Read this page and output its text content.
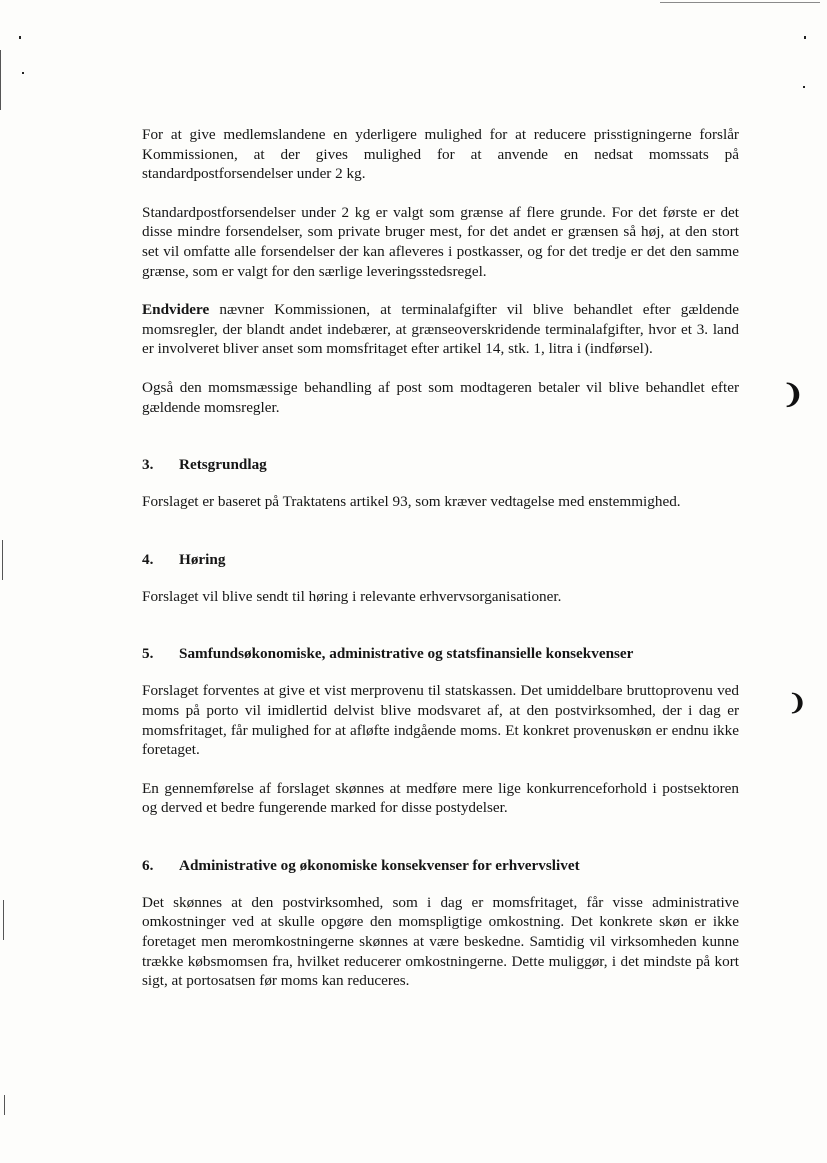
❩
❩

For at give medlemslandene en yderligere mulighed for at reducere prisstigningerne forslår Kommissionen, at der gives mulighed for at anvende en nedsat momssats på standardpostforsendelser under 2 kg.

Standardpostforsendelser under 2 kg er valgt som grænse af flere grunde. For det første er det disse mindre forsendelser, som private bruger mest, for det andet er grænsen så høj, at den stort set vil omfatte alle forsendelser der kan afleveres i postkasser, og for det tredje er det den samme grænse, som er valgt for den særlige leveringsstedsregel.

Endvidere nævner Kommissionen, at terminalafgifter vil blive behandlet efter gældende momsregler, der blandt andet indebærer, at grænseoverskridende terminalafgifter, hvor et 3. land er involveret bliver anset som momsfritaget efter artikel 14, stk. 1, litra i (indførsel).

Også den momsmæssige behandling af post som modtageren betaler vil blive behandlet efter gældende momsregler.

3.	Retsgrundlag

Forslaget er baseret på Traktatens artikel 93, som kræver vedtagelse med enstemmighed.

4.	Høring

Forslaget vil blive sendt til høring i relevante erhvervsorganisationer.

5.	Samfundsøkonomiske, administrative og statsfinansielle konsekvenser

Forslaget forventes at give et vist merprovenu til statskassen. Det umiddelbare bruttoprovenu ved moms på porto vil imidlertid delvist blive modsvaret af, at den postvirksomhed, der i dag er momsfritaget, får mulighed for at afløfte indgående moms. Et konkret provenuskøn er endnu ikke foretaget.

En gennemførelse af forslaget skønnes at medføre mere lige konkurrenceforhold i postsektoren og derved et bedre fungerende marked for disse postydelser.

6.	Administrative og økonomiske konsekvenser for erhvervslivet

Det skønnes at den postvirksomhed, som i dag er momsfritaget, får visse administrative omkostninger ved at skulle opgøre den momspligtige omkostning. Det konkrete skøn er ikke foretaget men meromkostningerne skønnes at være beskedne. Samtidig vil virksomheden kunne trække købsmomsen fra, hvilket reducerer omkostningerne. Dette muliggør, i det mindste på kort sigt, at portosatsen før moms kan reduceres.
